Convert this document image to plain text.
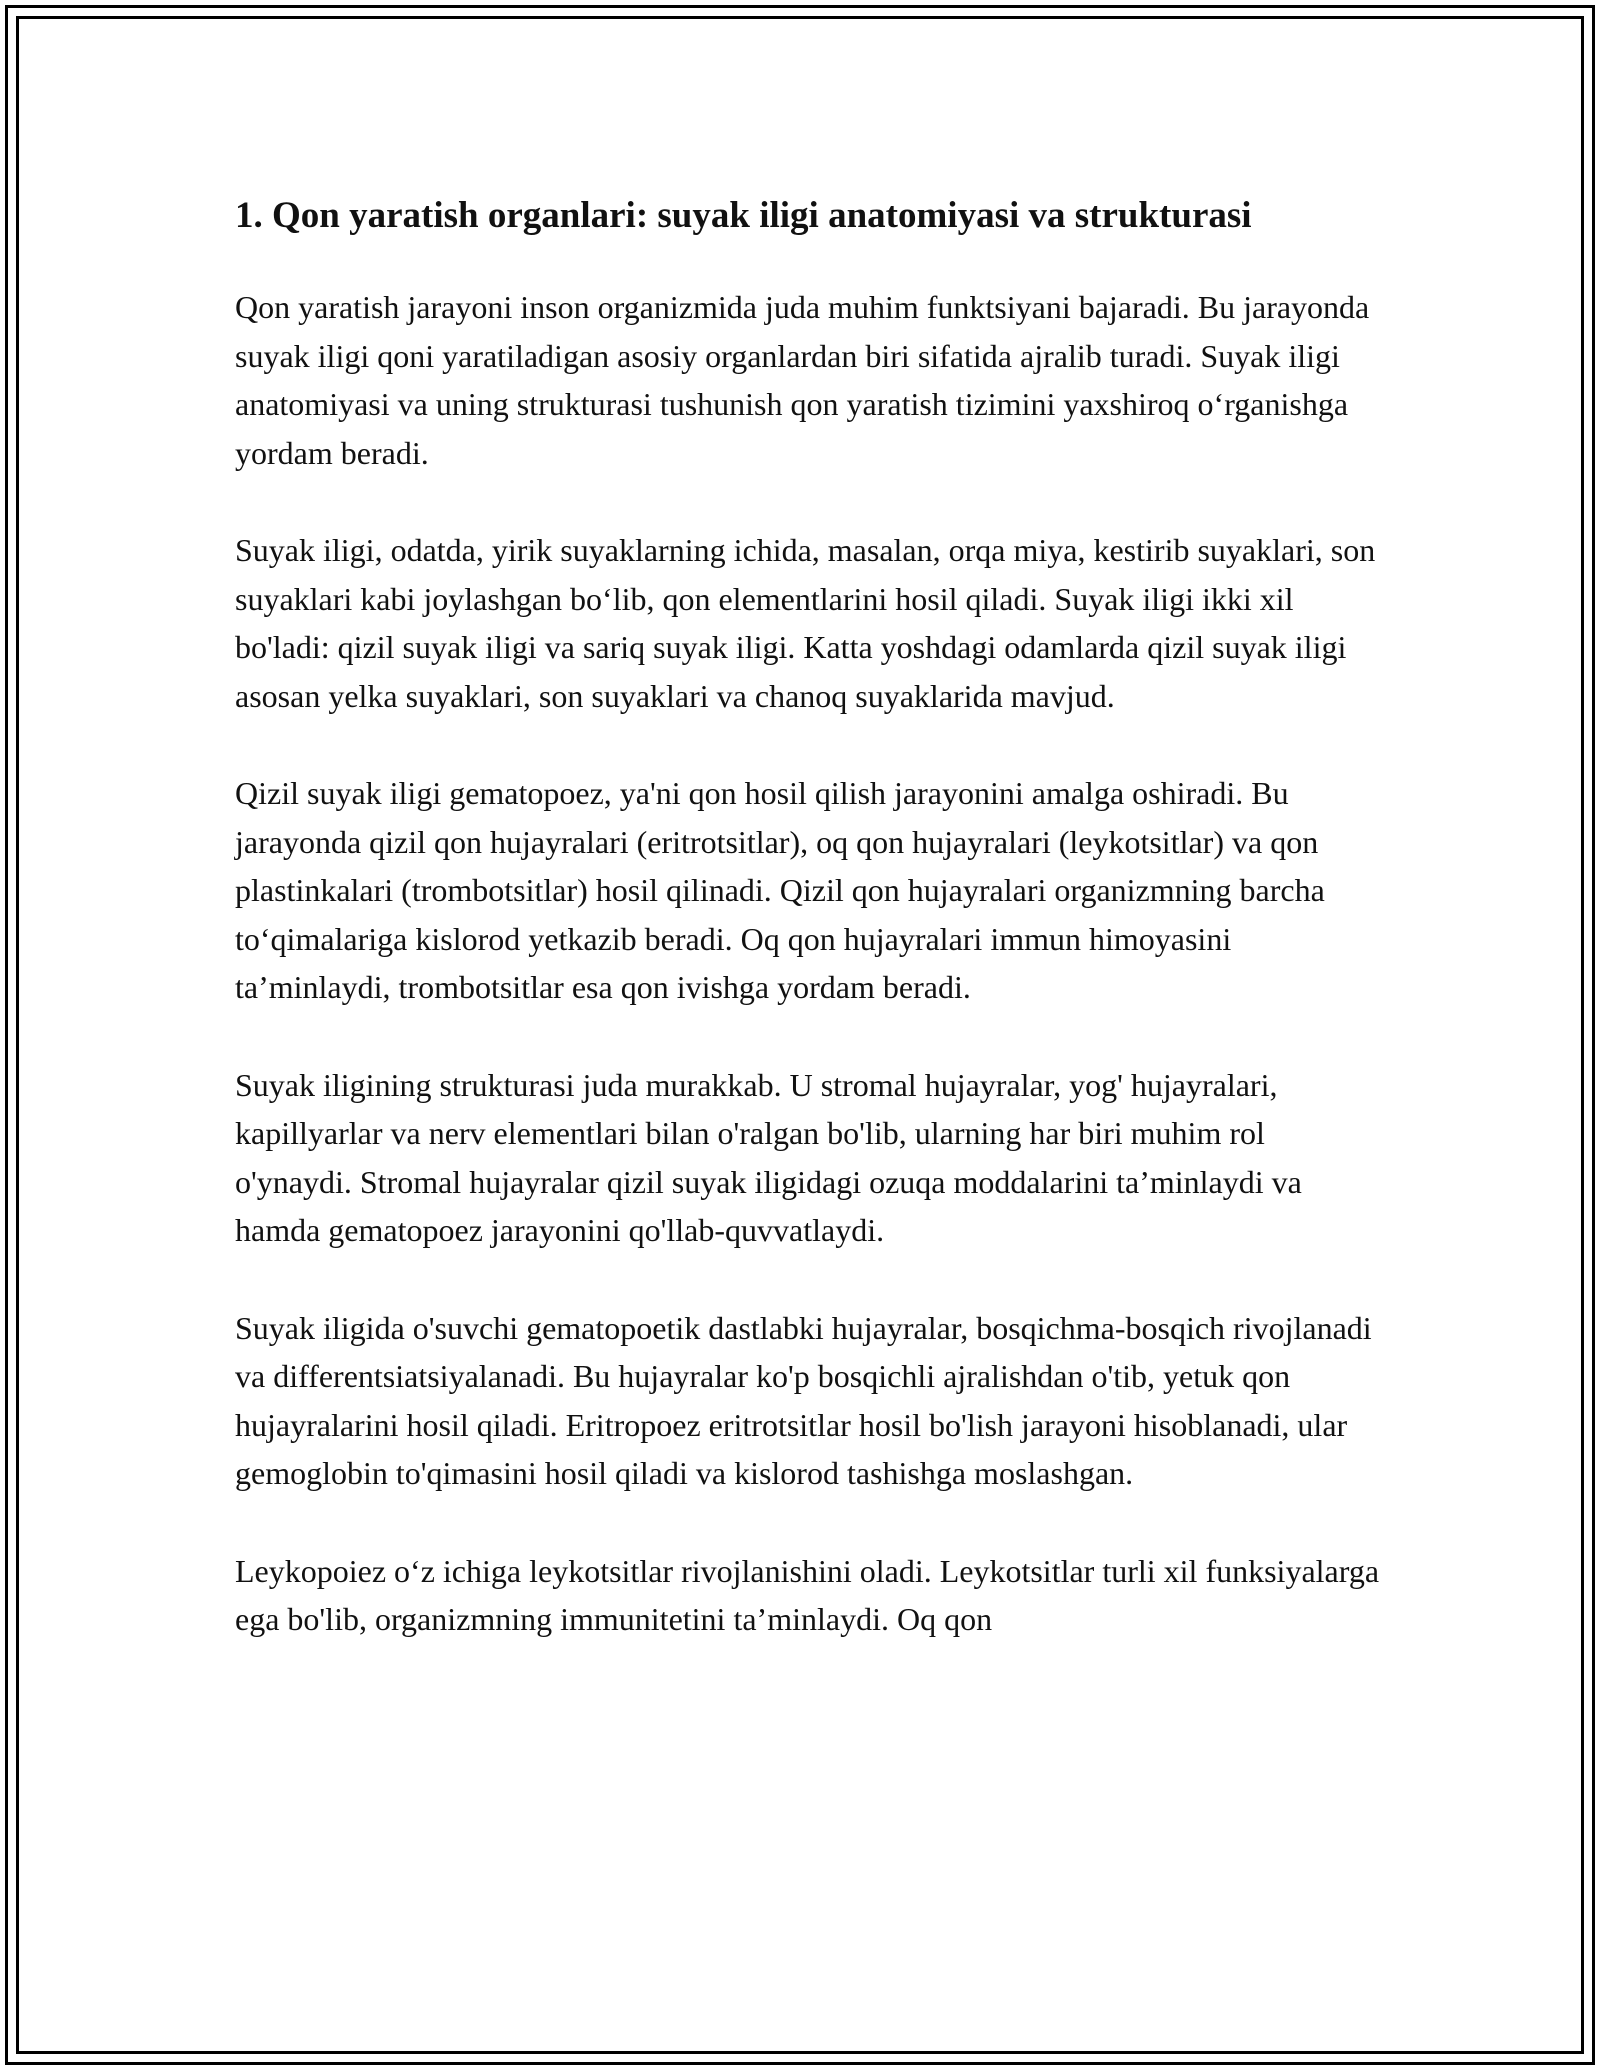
1. Qon yaratish organlari: suyak iligi anatomiyasi va strukturasi

Qon yaratish jarayoni inson organizmida juda muhim funktsiyani bajaradi. Bu jarayonda suyak iligi qoni yaratiladigan asosiy organlardan biri sifatida ajralib turadi. Suyak iligi anatomiyasi va uning strukturasi tushunish qon yaratish tizimini yaxshiroq o‘rganishga yordam beradi.

Suyak iligi, odatda, yirik suyaklarning ichida, masalan, orqa miya, kestirib suyaklari, son suyaklari kabi joylashgan bo‘lib, qon elementlarini hosil qiladi. Suyak iligi ikki xil bo'ladi: qizil suyak iligi va sariq suyak iligi. Katta yoshdagi odamlarda qizil suyak iligi asosan yelka suyaklari, son suyaklari va chanoq suyaklarida mavjud.

Qizil suyak iligi gematopoez, ya'ni qon hosil qilish jarayonini amalga oshiradi. Bu jarayonda qizil qon hujayralari (eritrotsitlar), oq qon hujayralari (leykotsitlar) va qon plastinkalari (trombotsitlar) hosil qilinadi. Qizil qon hujayralari organizmning barcha to‘qimalariga kislorod yetkazib beradi. Oq qon hujayralari immun himoyasini ta’minlaydi, trombotsitlar esa qon ivishga yordam beradi.

Suyak iligining strukturasi juda murakkab. U stromal hujayralar, yog' hujayralari, kapillyarlar va nerv elementlari bilan o'ralgan bo'lib, ularning har biri muhim rol o'ynaydi. Stromal hujayralar qizil suyak iligidagi ozuqa moddalarini ta’minlaydi va hamda gematopoez jarayonini qo'llab-quvvatlaydi.

Suyak iligida o'suvchi gematopoetik dastlabki hujayralar, bosqichma-bosqich rivojlanadi va differentsiatsiyalanadi. Bu hujayralar ko'p bosqichli ajralishdan o'tib, yetuk qon hujayralarini hosil qiladi. Eritropoez eritrotsitlar hosil bo'lish jarayoni hisoblanadi, ular gemoglobin to'qimasini hosil qiladi va kislorod tashishga moslashgan.

Leykopoiez o‘z ichiga leykotsitlar rivojlanishini oladi. Leykotsitlar turli xil funksiyalarga ega bo'lib, organizmning immunitetini ta’minlaydi. Oq qon
